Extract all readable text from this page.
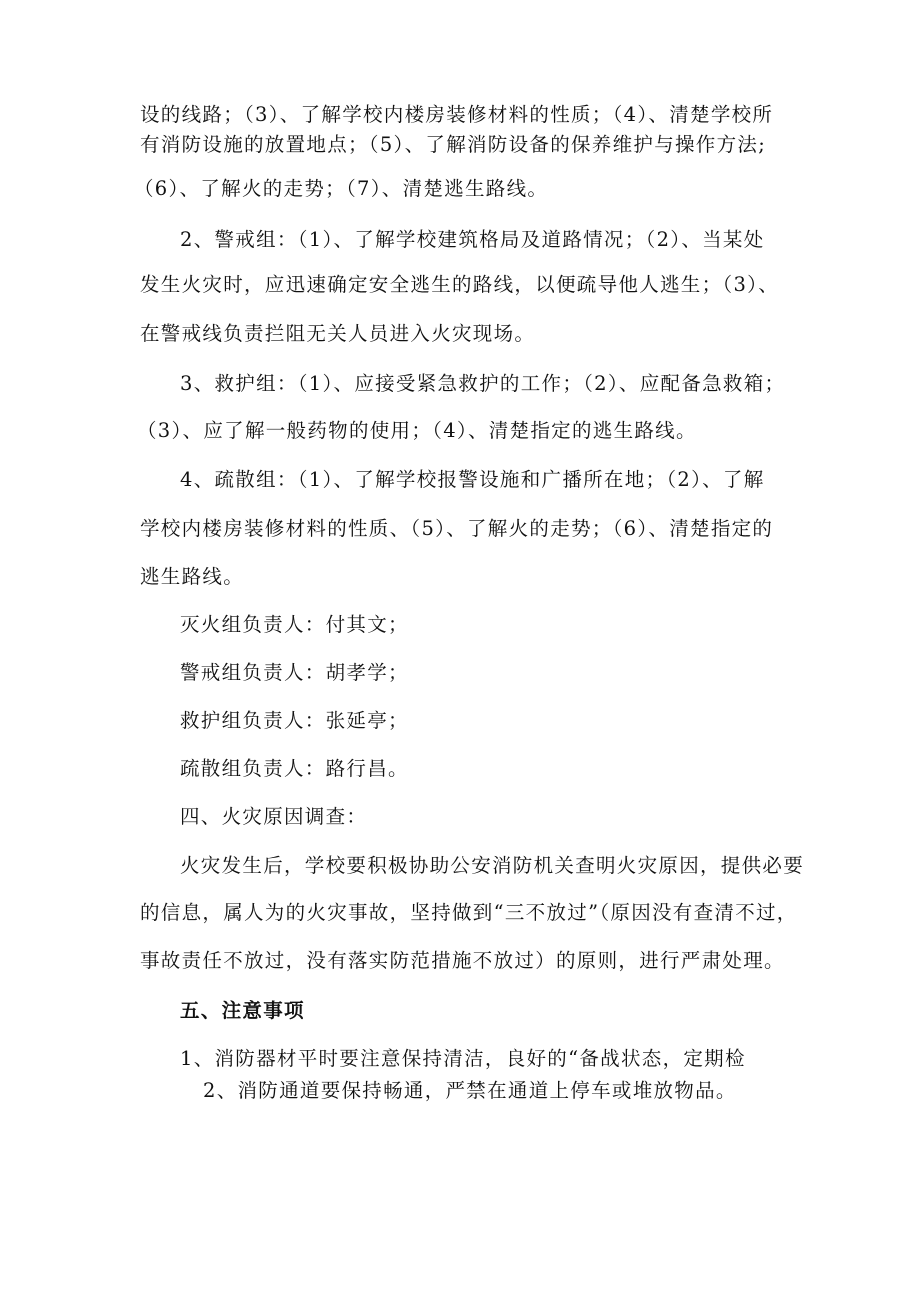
设的线路；（3）、了解学校内楼房装修材料的性质；（4）、清楚学校所
有消防设施的放置地点；（5）、了解消防设备的保养维护与操作方法;
（6）、了解火的走势；（7）、清楚逃生路线。
2、警戒组：（1）、了解学校建筑格局及道路情况；（2）、当某处
发生火灾时，应迅速确定安全逃生的路线，以便疏导他人逃生；（3）、
在警戒线负责拦阻无关人员进入火灾现场。
3、救护组：（1）、应接受紧急救护的工作；（2）、应配备急救箱；
（3）、应了解一般药物的使用；（4）、清楚指定的逃生路线。
4、疏散组：（1）、了解学校报警设施和广播所在地；（2）、了解
学校内楼房装修材料的性质、（5）、了解火的走势；（6）、清楚指定的
逃生路线。
灭火组负责人：付其文；
警戒组负责人：胡孝学；
救护组负责人：张延亭；
疏散组负责人：路行昌。
四、火灾原因调查：
火灾发生后，学校要积极协助公安消防机关查明火灾原因，提供必要
的信息，属人为的火灾事故，坚持做到“三不放过”（原因没有查清不过，
事故责任不放过，没有落实防范措施不放过）的原则，进行严肃处理。
五、注意事项
1、消防器材平时要注意保持清洁，良好的“备战状态，定期检
2、消防通道要保持畅通，严禁在通道上停车或堆放物品。
